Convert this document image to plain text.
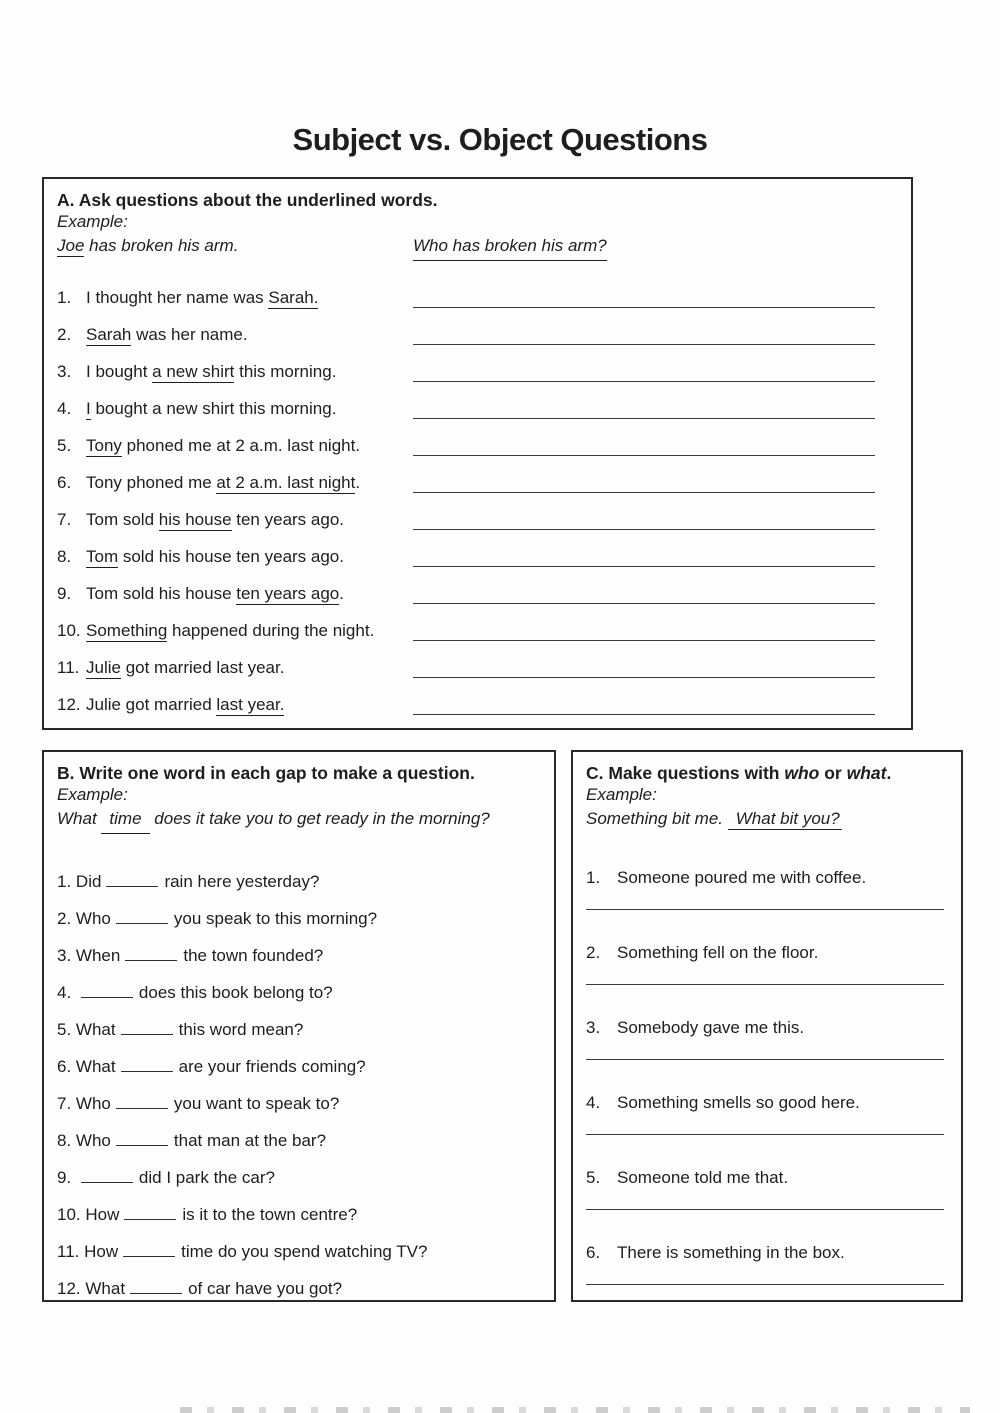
Subject vs. Object Questions

A. Ask questions about the underlined words.

Example:

Joe has broken his arm.	Who has broken his arm?

1. I thought her name was Sarah.
2. Sarah was her name.
3. I bought a new shirt this morning.
4. I bought a new shirt this morning.
5. Tony phoned me at 2 a.m. last night.
6. Tony phoned me at 2 a.m. last night.
7. Tom sold his house ten years ago.
8. Tom sold his house ten years ago.
9. Tom sold his house ten years ago.
10. Something happened during the night.
11. Julie got married last year.
12. Julie got married last year.

B. Write one word in each gap to make a question.

Example:

What time does it take you to get ready in the morning?

1. Did	rain here yesterday?
2. Who	you speak to this morning?
3. When	the town founded?
4.	does this book belong to?
5. What	this word mean?
6. What	are your friends coming?
7. Who	you want to speak to?
8. Who	that man at the bar?
9.	did I park the car?
10. How	is it to the town centre?
11. How	time do you spend watching TV?
12. What	of car have you got?

C. Make questions with who or what.

Example:

Something bit me. What bit you?

1. Someone poured me with coffee.

2. Something fell on the floor.

3. Somebody gave me this.

4. Something smells so good here.

5. Someone told me that.

6. There is something in the box.
